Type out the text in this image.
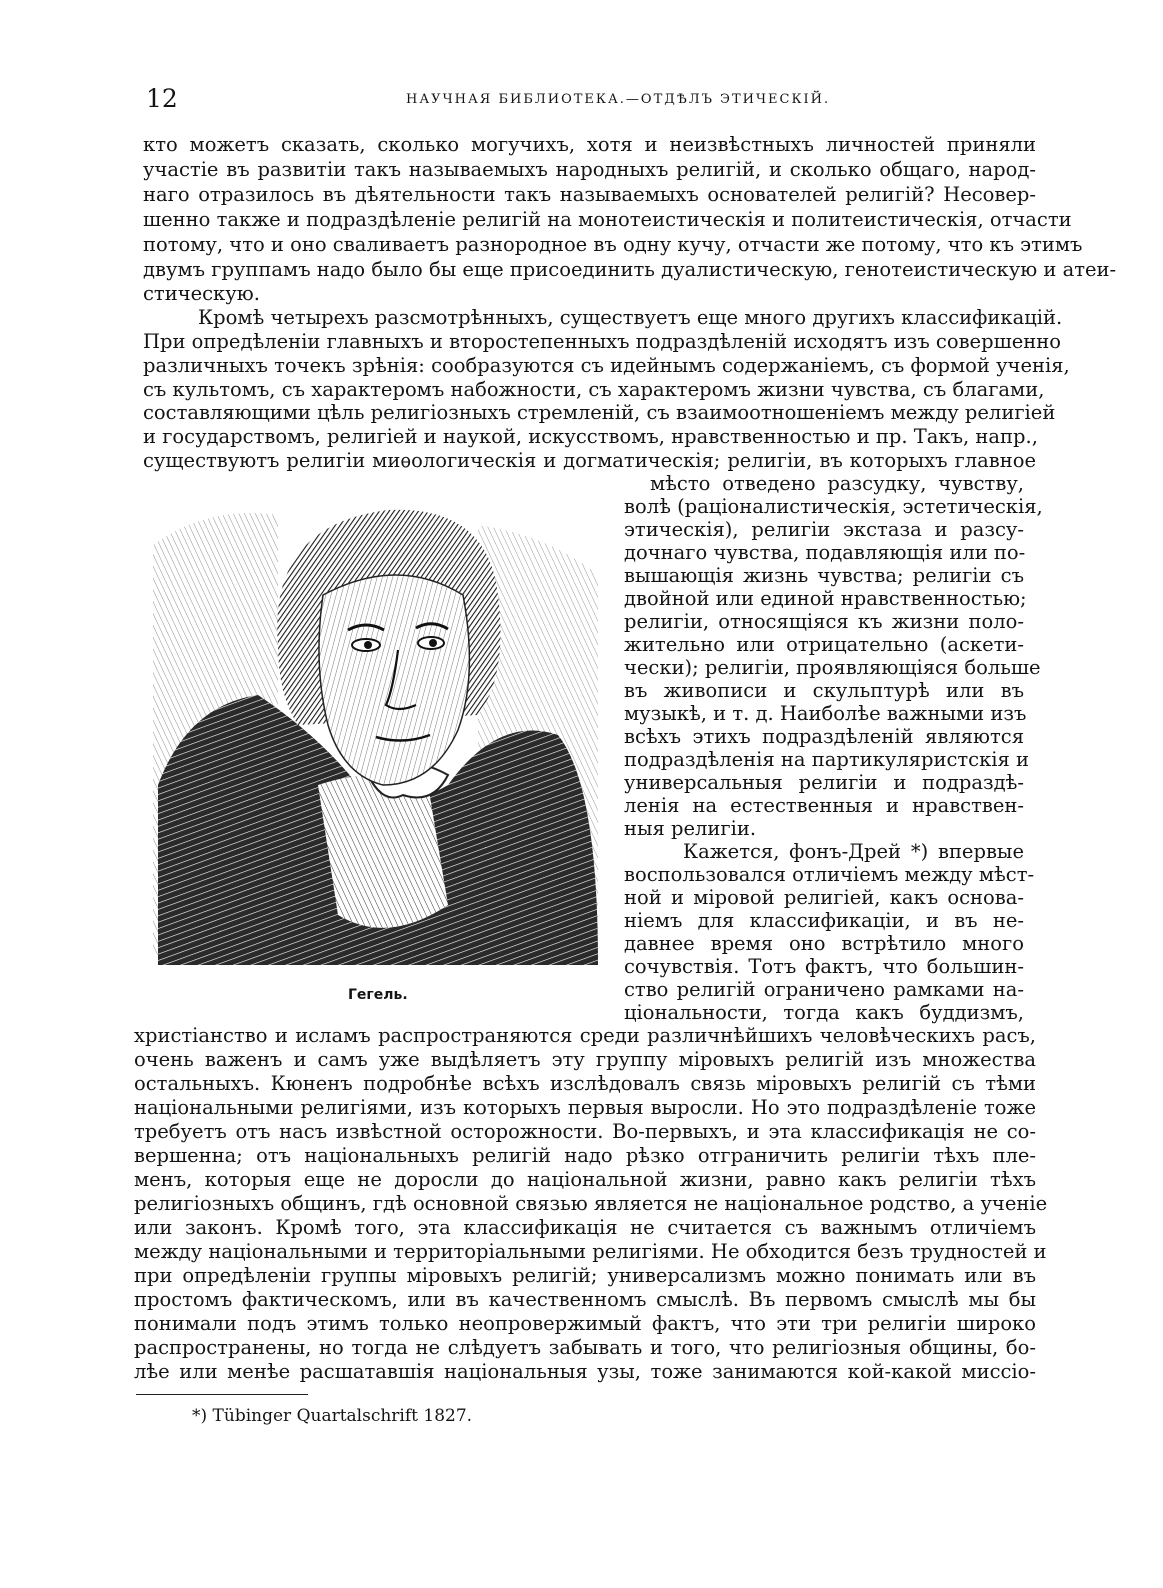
12	НАУЧНАЯ БИБЛИОТЕКА.—ОТДѢЛЪ ЭТИЧЕСКІЙ.
кто можетъ сказать, сколько могучихъ, хотя и неизвѣстныхъ личностей приняли
участіе въ развитіи такъ называемыхъ народныхъ религій, и сколько общаго, народ-
наго отразилось въ дѣятельности такъ называемыхъ основателей религій? Несовер-
шенно также и подраздѣленіе религій на монотеистическія и политеистическія, отчасти
потому, что и оно сваливаетъ разнородное въ одну кучу, отчасти же потому, что къ этимъ
двумъ группамъ надо было бы еще присоединить дуалистическую, генотеистическую и атеи-
стическую.
Кромѣ четырехъ разсмотрѣнныхъ, существуетъ еще много другихъ классификацій.
При опредѣленіи главныхъ и второстепенныхъ подраздѣленій исходятъ изъ совершенно
различныхъ точекъ зрѣнія: сообразуются съ идейнымъ содержаніемъ, съ формой ученія,
съ культомъ, съ характеромъ набожности, съ характеромъ жизни чувства, съ благами,
составляющими цѣль религіозныхъ стремленій, съ взаимоотношеніемъ между религіей
и государствомъ, религіей и наукой, искусствомъ, нравственностью и пр. Такъ, напр.,
существуютъ религіи миѳологическія и догматическія; религіи, въ которыхъ главное
Гегель.
мѣсто отведено разсудку, чувству,
волѣ (раціоналистическія, эстетическія,
этическія), религіи экстаза и разсу-
дочнаго чувства, подавляющія или по-
вышающія жизнь чувства; религіи съ
двойной или единой нравственностью;
религіи, относящіяся къ жизни поло-
жительно или отрицательно (аскети-
чески); религіи, проявляющіяся больше
въ живописи и скульптурѣ или въ
музыкѣ, и т. д. Наиболѣе важными изъ
всѣхъ этихъ подраздѣленій являются
подраздѣленія на партикуляристскія и
универсальныя религіи и подраздѣ-
ленія на естественныя и нравствен-
ныя религіи.
Кажется, фонъ-Дрей *) впервые
воспользовался отличіемъ между мѣст-
ной и міровой религіей, какъ основа-
ніемъ для классификаціи, и въ не-
давнее время оно встрѣтило много
сочувствія. Тотъ фактъ, что большин-
ство религій ограничено рамками на-
ціональности, тогда какъ буддизмъ,
христіанство и исламъ распространяются среди различнѣйшихъ человѣческихъ расъ,
очень важенъ и самъ уже выдѣляетъ эту группу міровыхъ религій изъ множества
остальныхъ. Кюненъ подробнѣе всѣхъ изслѣдовалъ связь міровыхъ религій съ тѣми
національными религіями, изъ которыхъ первыя выросли. Но это подраздѣленіе тоже
требуетъ отъ насъ извѣстной осторожности. Во-первыхъ, и эта классификація не со-
вершенна; отъ національныхъ религій надо рѣзко отграничить религіи тѣхъ пле-
менъ, которыя еще не доросли до національной жизни, равно какъ религіи тѣхъ
религіозныхъ общинъ, гдѣ основной связью является не національное родство, а ученіе
или законъ. Кромѣ того, эта классификація не считается съ важнымъ отличіемъ
между національными и территоріальными религіями. Не обходится безъ трудностей и
при опредѣленіи группы міровыхъ религій; универсализмъ можно понимать или въ
простомъ фактическомъ, или въ качественномъ смыслѣ. Въ первомъ смыслѣ мы бы
понимали подъ этимъ только неопровержимый фактъ, что эти три религіи широко
распространены, но тогда не слѣдуетъ забывать и того, что религіозныя общины, бо-
лѣе или менѣе расшатавшія національныя узы, тоже занимаются кой-какой миссіо-
*) Tübinger Quartalschrift 1827.
